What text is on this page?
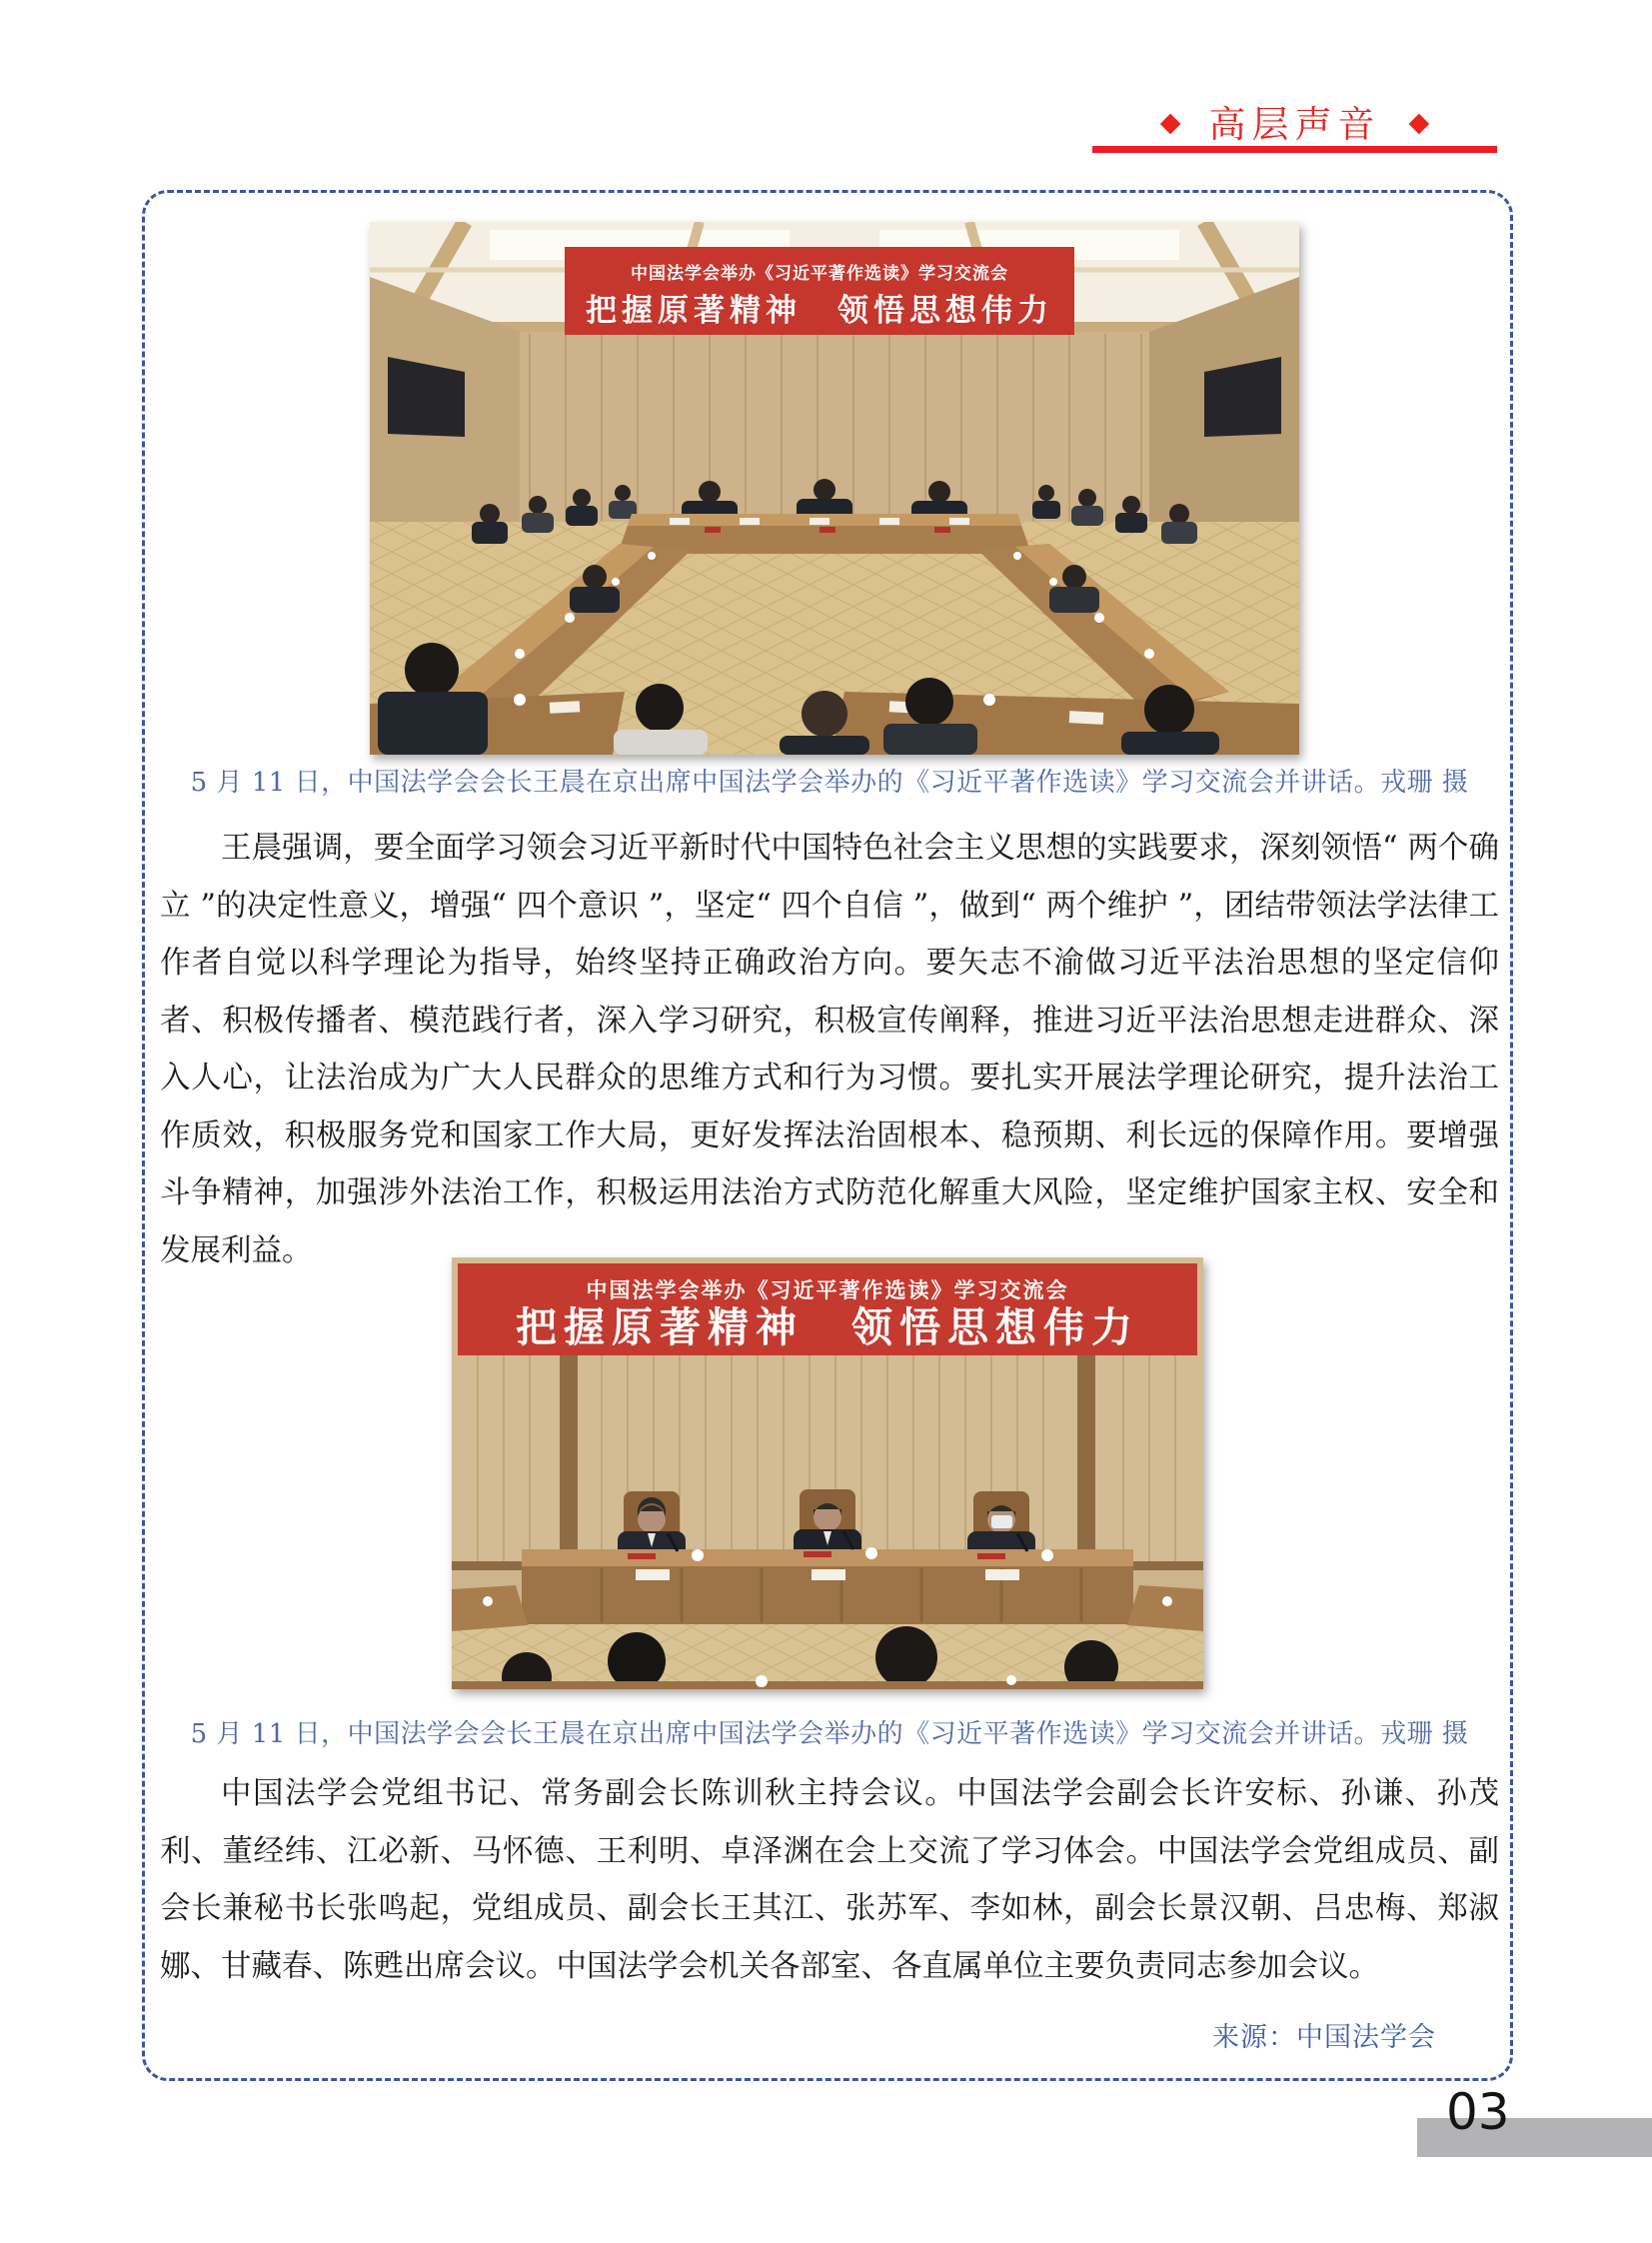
◆ 高层声音 ◆
中国法学会举办《习近平著作选读》学习交流会
把握原著精神　领悟思想伟力
5 月 11 日，中国法学会会长王晨在京出席中国法学会举办的《习近平著作选读》学习交流会并讲话。戎珊 摄
王晨强调，要全面学习领会习近平新时代中国特色社会主义思想的实践要求，深刻领悟“ 两个确立 ”的决定性意义，增强“ 四个意识 ”，坚定“ 四个自信 ”，做到“ 两个维护 ”，团结带领法学法律工作者自觉以科学理论为指导，始终坚持正确政治方向。要矢志不渝做习近平法治思想的坚定信仰者、积极传播者、模范践行者，深入学习研究，积极宣传阐释，推进习近平法治思想走进群众、深入人心，让法治成为广大人民群众的思维方式和行为习惯。要扎实开展法学理论研究，提升法治工作质效，积极服务党和国家工作大局，更好发挥法治固根本、稳预期、利长远的保障作用。要增强斗争精神，加强涉外法治工作，积极运用法治方式防范化解重大风险，坚定维护国家主权、安全和发展利益。
中国法学会举办《习近平著作选读》学习交流会
把握原著精神　领悟思想伟力
5 月 11 日，中国法学会会长王晨在京出席中国法学会举办的《习近平著作选读》学习交流会并讲话。戎珊 摄
中国法学会党组书记、常务副会长陈训秋主持会议。中国法学会副会长许安标、孙谦、孙茂利、董经纬、江必新、马怀德、王利明、卓泽渊在会上交流了学习体会。中国法学会党组成员、副会长兼秘书长张鸣起，党组成员、副会长王其江、张苏军、李如林，副会长景汉朝、吕忠梅、郑淑娜、甘藏春、陈甦出席会议。中国法学会机关各部室、各直属单位主要负责同志参加会议。
来源：中国法学会
03
